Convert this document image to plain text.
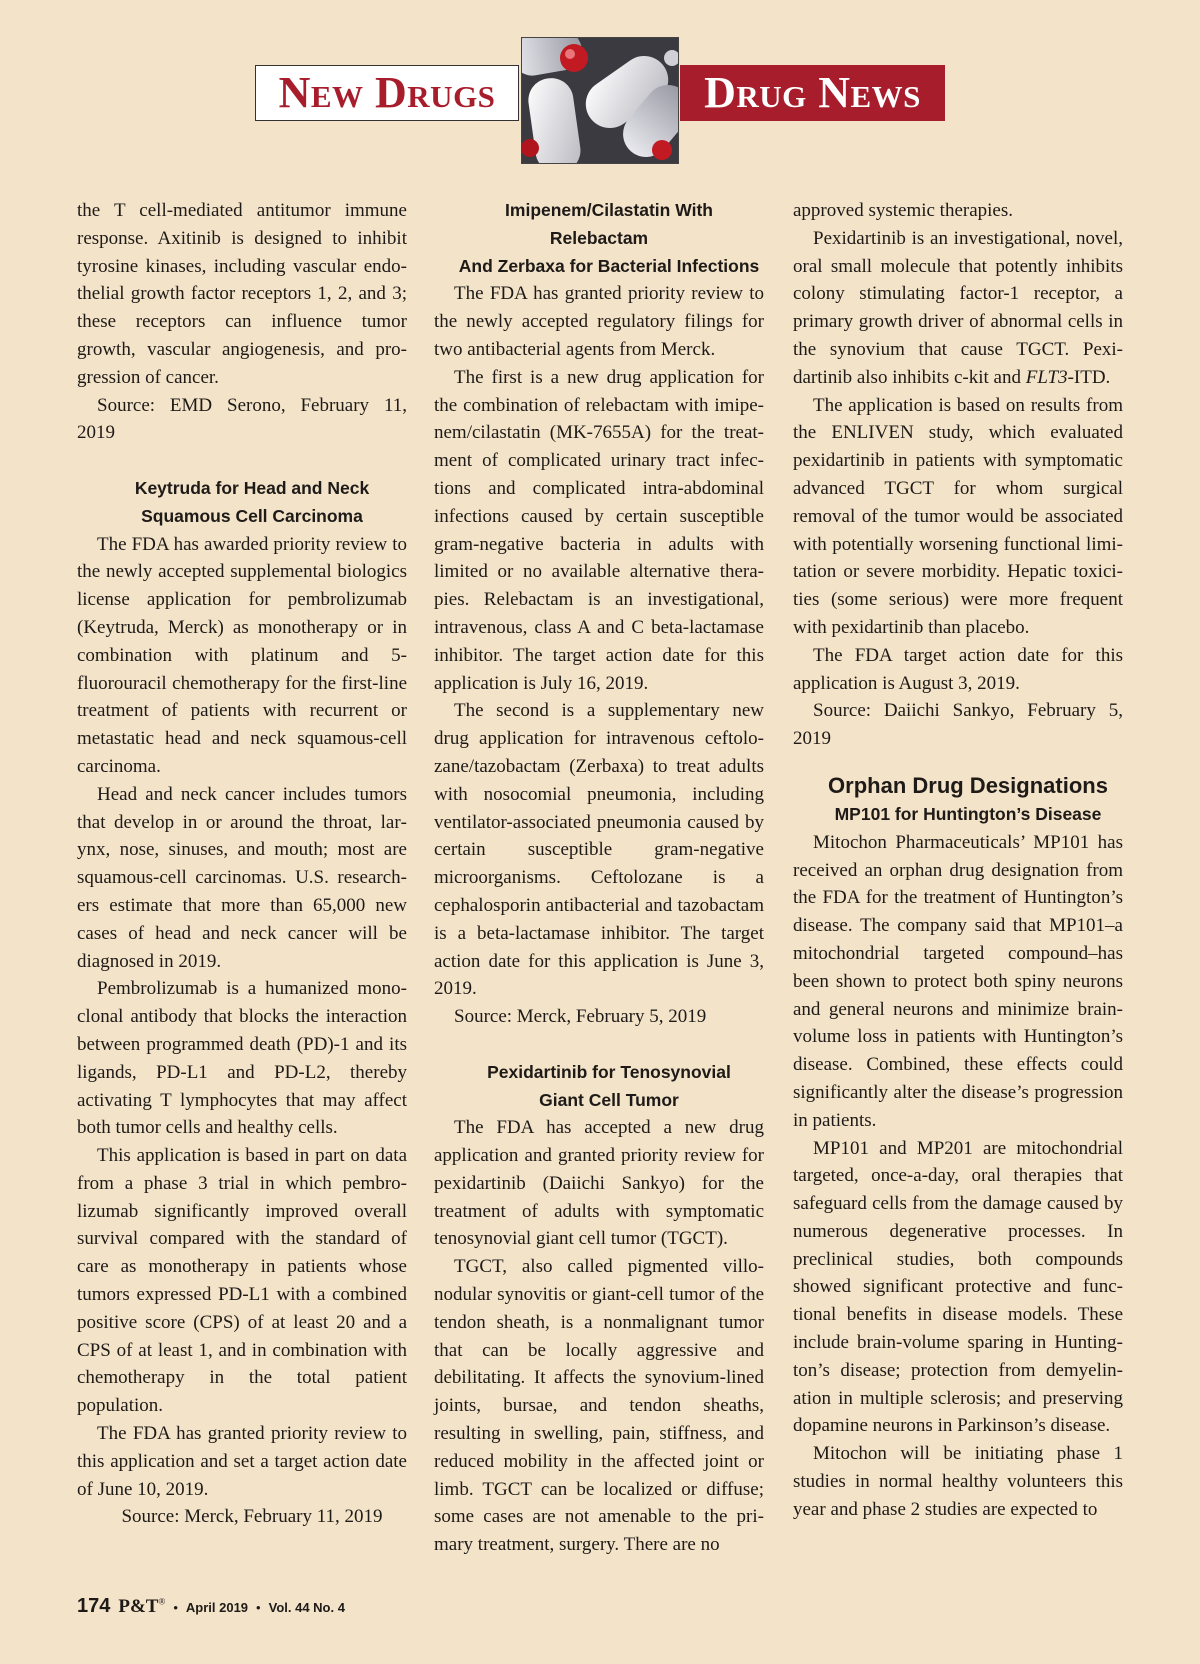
New Drugs	Drug News

the T cell-mediated antitumor immune response. Axitinib is designed to inhibit tyrosine kinases, including vascular endothelial growth factor receptors 1, 2, and 3; these receptors can influence tumor growth, vascular angiogenesis, and progression of cancer.

Source: EMD Serono, February 11, 2019

Keytruda for Head and Neck

Squamous Cell Carcinoma

The FDA has awarded priority review to the newly accepted supplemental biologics license application for pembrolizumab (Keytruda, Merck) as monotherapy or in combination with platinum and 5-fluorouracil chemotherapy for the first-line treatment of patients with recurrent or metastatic head and neck squamous-cell carcinoma.

Head and neck cancer includes tumors that develop in or around the throat, larynx, nose, sinuses, and mouth; most are squamous-cell carcinomas. U.S. researchers estimate that more than 65,000 new cases of head and neck cancer will be diagnosed in 2019.

Pembrolizumab is a humanized monoclonal antibody that blocks the interaction between programmed death (PD)-1 and its ligands, PD-L1 and PD-L2, thereby activating T lymphocytes that may affect both tumor cells and healthy cells.

This application is based in part on data from a phase 3 trial in which pembrolizumab significantly improved overall survival compared with the standard of care as monotherapy in patients whose tumors expressed PD-L1 with a combined positive score (CPS) of at least 20 and a CPS of at least 1, and in combination with chemotherapy in the total patient population.

The FDA has granted priority review to this application and set a target action date of June 10, 2019.

Source: Merck, February 11, 2019

Imipenem/Cilastatin With Relebactam

And Zerbaxa for Bacterial Infections

The FDA has granted priority review to the newly accepted regulatory filings for two antibacterial agents from Merck.

The first is a new drug application for the combination of relebactam with imipenem/cilastatin (MK-7655A) for the treatment of complicated urinary tract infections and complicated intra-abdominal infections caused by certain susceptible gram-negative bacteria in adults with limited or no available alternative therapies. Relebactam is an investigational, intravenous, class A and C beta-lactamase inhibitor. The target action date for this application is July 16, 2019.

The second is a supplementary new drug application for intravenous ceftolozane/tazobactam (Zerbaxa) to treat adults with nosocomial pneumonia, including ventilator-associated pneumonia caused by certain susceptible gram-negative microorganisms. Ceftolozane is a cephalosporin antibacterial and tazobactam is a beta-lactamase inhibitor. The target action date for this application is June 3, 2019.

Source: Merck, February 5, 2019

Pexidartinib for Tenosynovial

Giant Cell Tumor

The FDA has accepted a new drug application and granted priority review for pexidartinib (Daiichi Sankyo) for the treatment of adults with symptomatic tenosynovial giant cell tumor (TGCT).

TGCT, also called pigmented villonodular synovitis or giant-cell tumor of the tendon sheath, is a nonmalignant tumor that can be locally aggressive and debilitating. It affects the synovium-lined joints, bursae, and tendon sheaths, resulting in swelling, pain, stiffness, and reduced mobility in the affected joint or limb. TGCT can be localized or diffuse; some cases are not amenable to the primary treatment, surgery. There are no

approved systemic therapies.

Pexidartinib is an investigational, novel, oral small molecule that potently inhibits colony stimulating factor-1 receptor, a primary growth driver of abnormal cells in the synovium that cause TGCT. Pexidartinib also inhibits c-kit and FLT3-ITD.

The application is based on results from the ENLIVEN study, which evaluated pexidartinib in patients with symptomatic advanced TGCT for whom surgical removal of the tumor would be associated with potentially worsening functional limitation or severe morbidity. Hepatic toxicities (some serious) were more frequent with pexidartinib than placebo.

The FDA target action date for this application is August 3, 2019.

Source: Daiichi Sankyo, February 5, 2019

Orphan Drug Designations

MP101 for Huntington’s Disease

Mitochon Pharmaceuticals’ MP101 has received an orphan drug designation from the FDA for the treatment of Huntington’s disease. The company said that MP101–a mitochondrial targeted compound–has been shown to protect both spiny neurons and general neurons and minimize brain-volume loss in patients with Huntington’s disease. Combined, these effects could significantly alter the disease’s progression in patients.

MP101 and MP201 are mitochondrial targeted, once-a-day, oral therapies that safeguard cells from the damage caused by numerous degenerative processes. In preclinical studies, both compounds showed significant protective and functional benefits in disease models. These include brain-volume sparing in Huntington’s disease; protection from demyelination in multiple sclerosis; and preserving dopamine neurons in Parkinson’s disease.

Mitochon will be initiating phase 1 studies in normal healthy volunteers this year and phase 2 studies are expected to

174 P&T® • April 2019 • Vol. 44 No. 4
